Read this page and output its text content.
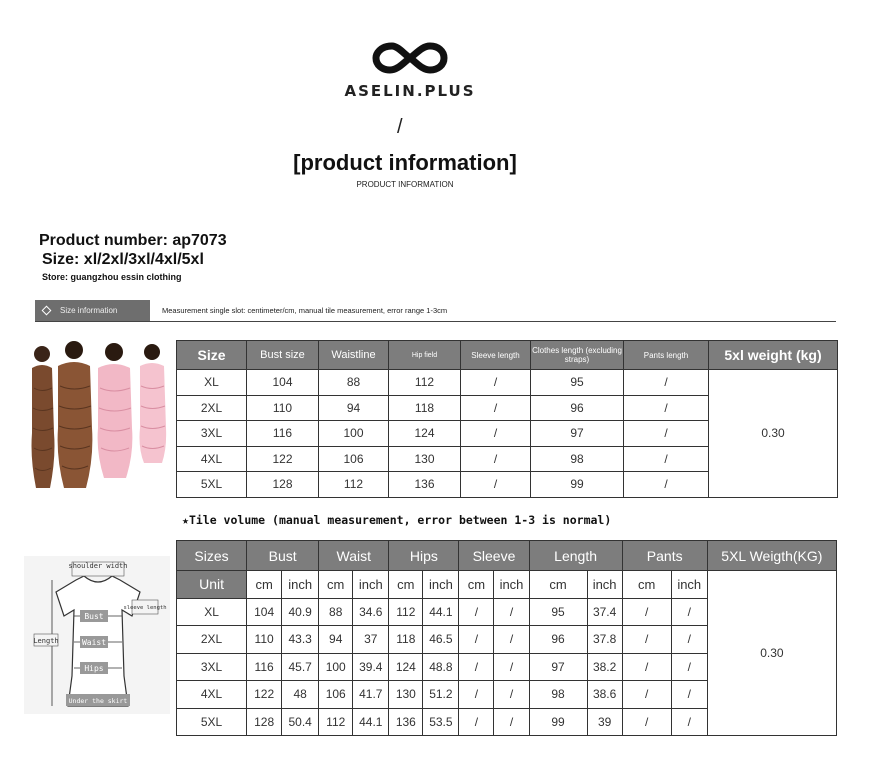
ASELIN.PLUS
/
[product information]
PRODUCT INFORMATION
Product number: ap7073
Size: xl/2xl/3xl/4xl/5xl
Store: guangzhou essin clothing
Size information	Measurement single slot: centimeter/cm, manual tile measurement, error range 1-3cm
Size	Bust size	Waistline	Hip field	Sleeve length	Clothes length (excluding straps)	Pants length	5xl weight (kg)
XL	104	88	112	/	95	/	0.30
2XL	110	94	118	/	96	/	
3XL	116	100	124	/	97	/	
4XL	122	106	130	/	98	/	
5XL	128	112	136	/	99	/	
★Tile volume (manual measurement, error between 1-3 is normal)
shoulder width
sleeve length
Length
Bust
Waist
Hips
Under the skirt
Sizes	Bust		Waist		Hips		Sleeve		Length		Pants		5XL Weigth(KG)
Unit	cm	inch	cm	inch	cm	inch	cm	inch	cm	inch	cm	inch	0.30
XL	104	40.9	88	34.6	112	44.1	/	/	95	37.4	/	/	
2XL	110	43.3	94	37	118	46.5	/	/	96	37.8	/	/	
3XL	116	45.7	100	39.4	124	48.8	/	/	97	38.2	/	/	
4XL	122	48	106	41.7	130	51.2	/	/	98	38.6	/	/	
5XL	128	50.4	112	44.1	136	53.5	/	/	99	39	/	/	
